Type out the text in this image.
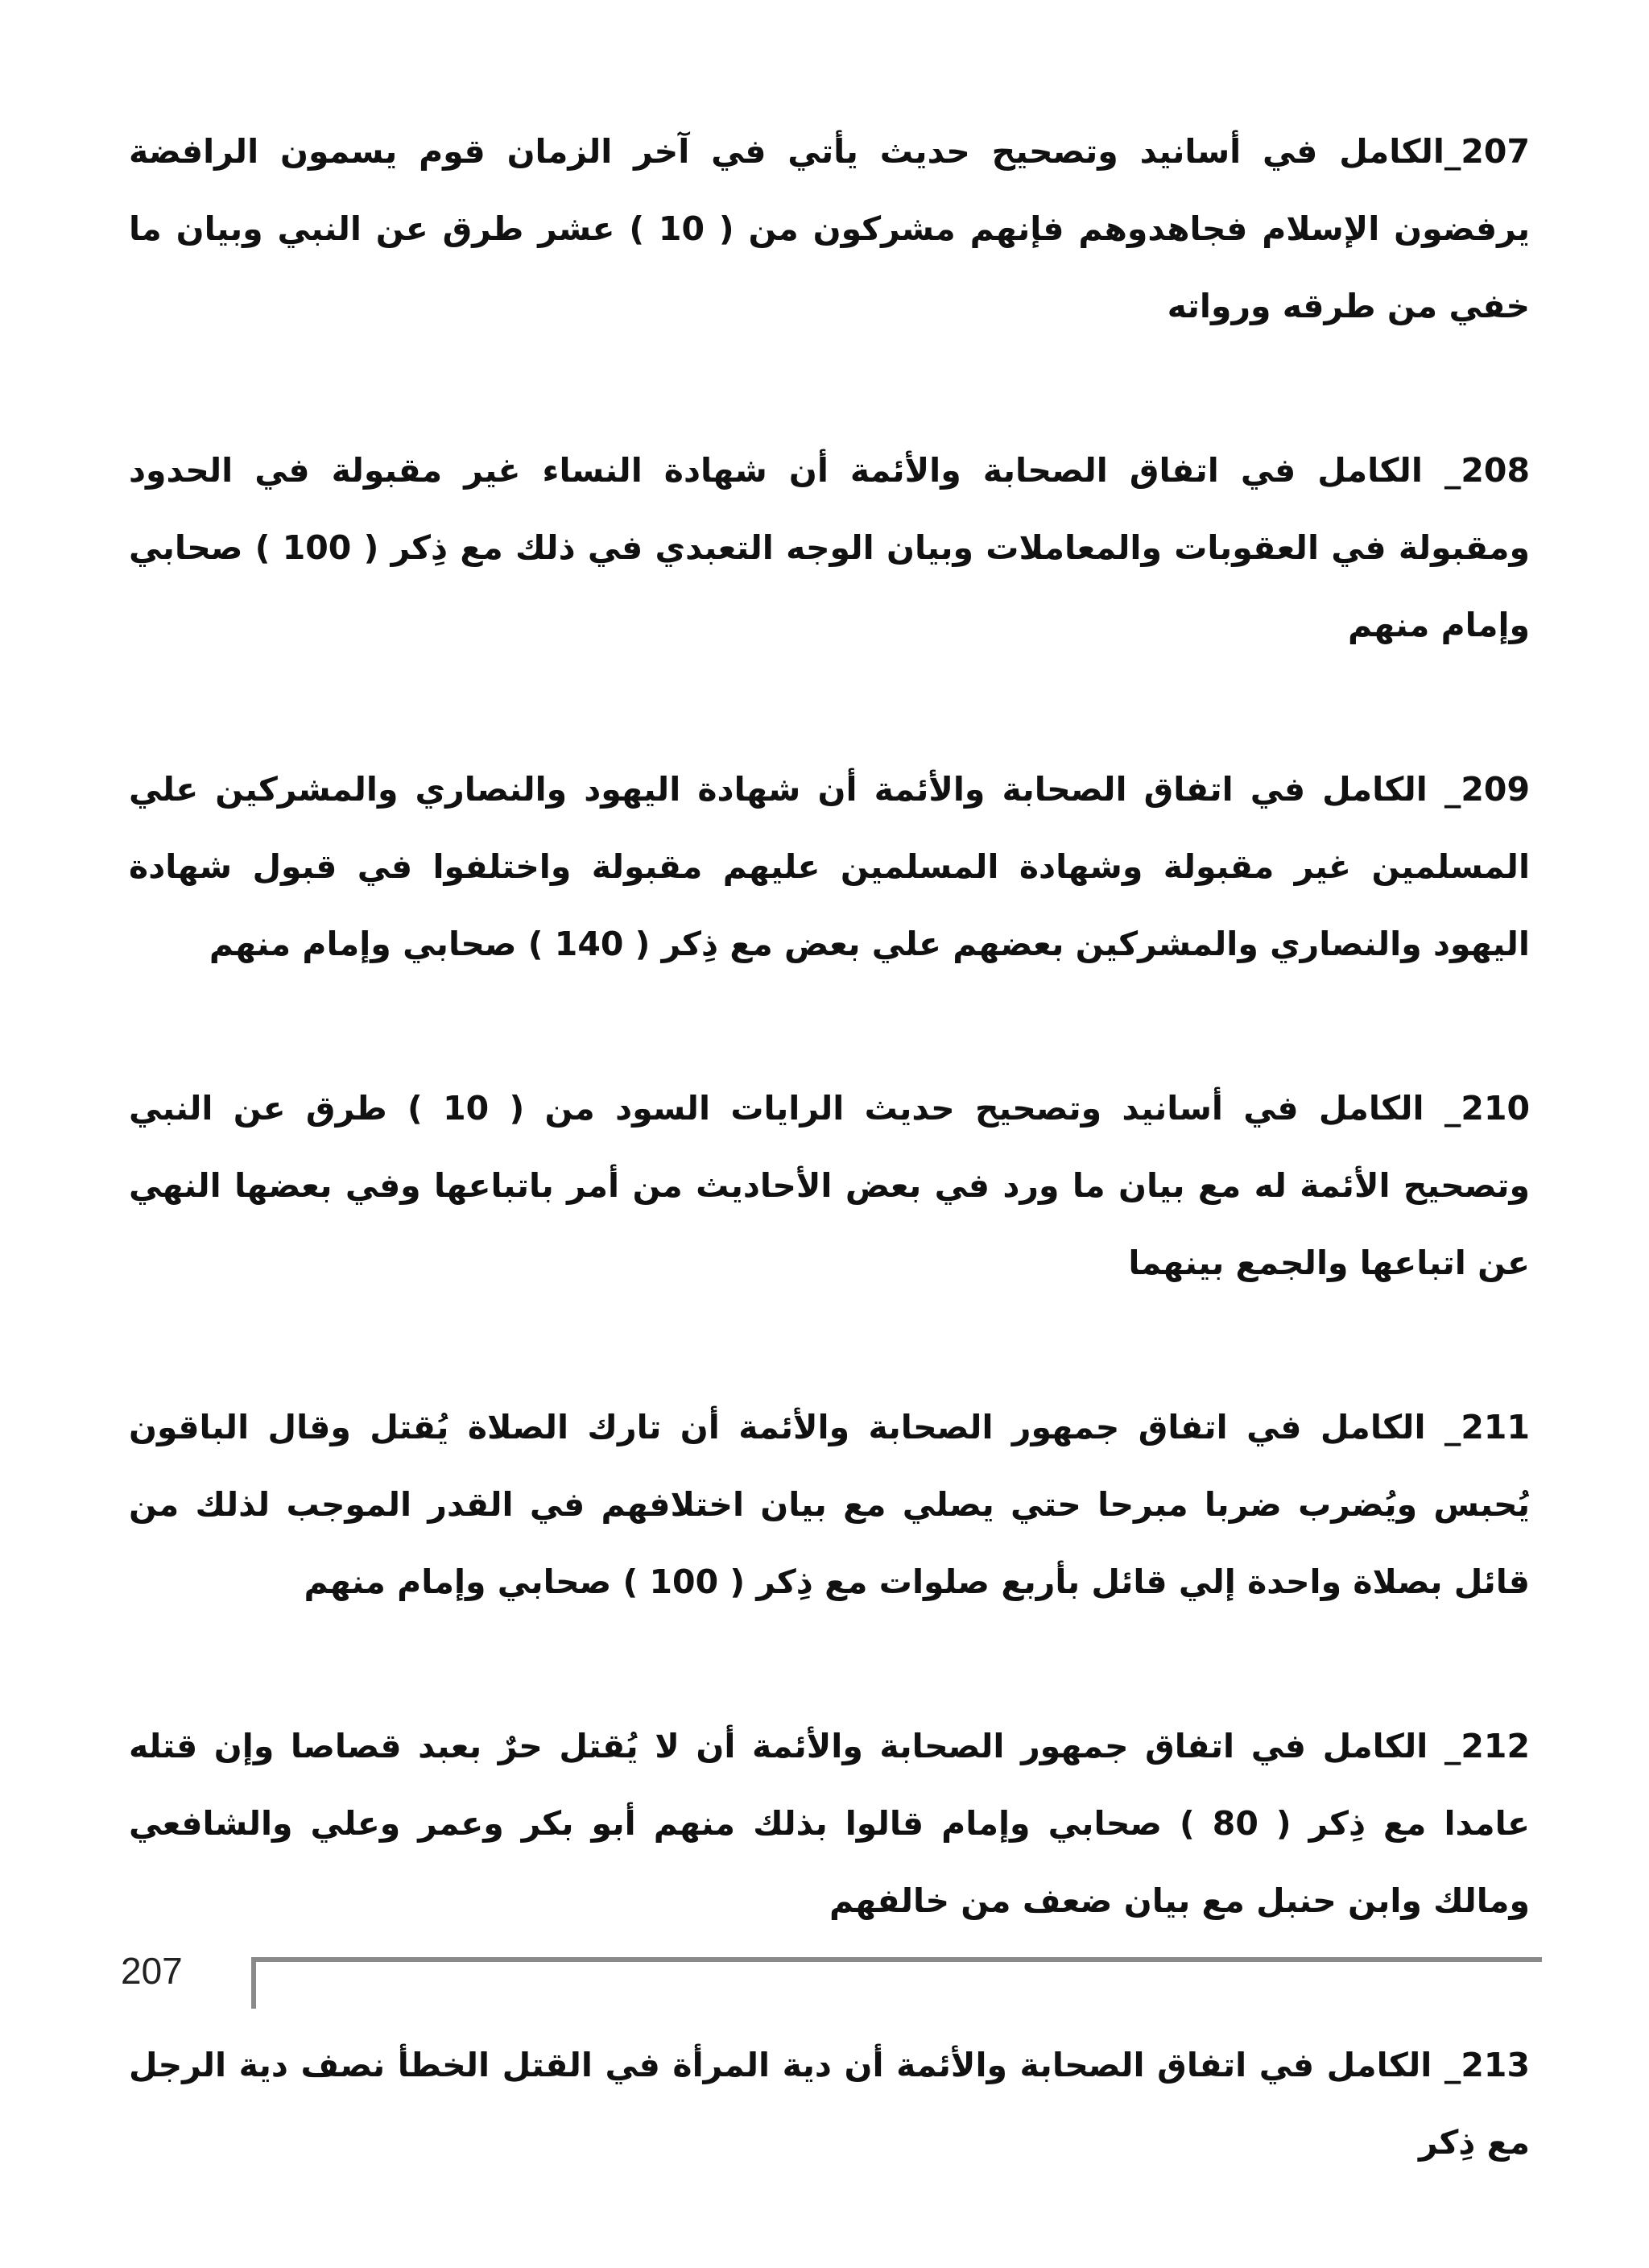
207_الكامل في أسانيد وتصحيح حديث يأتي في آخر الزمان قوم يسمون الرافضة يرفضون الإسلام فجاهدوهم فإنهم مشركون من ( 10 ) عشر طرق عن النبي وبيان ما خفي من طرقه ورواته

208_ الكامل في اتفاق الصحابة والأئمة أن شهادة النساء غير مقبولة في الحدود ومقبولة في العقوبات والمعاملات وبيان الوجه التعبدي في ذلك مع ذِكر ( 100 ) صحابي وإمام منهم

209_ الكامل في اتفاق الصحابة والأئمة أن شهادة اليهود والنصاري والمشركين علي المسلمين غير مقبولة وشهادة المسلمين عليهم مقبولة واختلفوا في قبول شهادة اليهود والنصاري والمشركين بعضهم علي بعض مع ذِكر ( 140 ) صحابي وإمام منهم

210_ الكامل في أسانيد وتصحيح حديث الرايات السود من ( 10 ) طرق عن النبي وتصحيح الأئمة له مع بيان ما ورد في بعض الأحاديث من أمر باتباعها وفي بعضها النهي عن اتباعها والجمع بينهما

211_ الكامل في اتفاق جمهور الصحابة والأئمة أن تارك الصلاة يُقتل وقال الباقون يُحبس ويُضرب ضربا مبرحا حتي يصلي مع بيان اختلافهم في القدر الموجب لذلك من قائل بصلاة واحدة إلي قائل بأربع صلوات مع ذِكر ( 100 ) صحابي وإمام منهم

212_ الكامل في اتفاق جمهور الصحابة والأئمة أن لا يُقتل حرٌ بعبد قصاصا وإن قتله عامدا مع ذِكر ( 80 ) صحابي وإمام قالوا بذلك منهم أبو بكر وعمر وعلي والشافعي ومالك وابن حنبل مع بيان ضعف من خالفهم

213_ الكامل في اتفاق الصحابة والأئمة أن دية المرأة في القتل الخطأ نصف دية الرجل مع ذِكر

207
